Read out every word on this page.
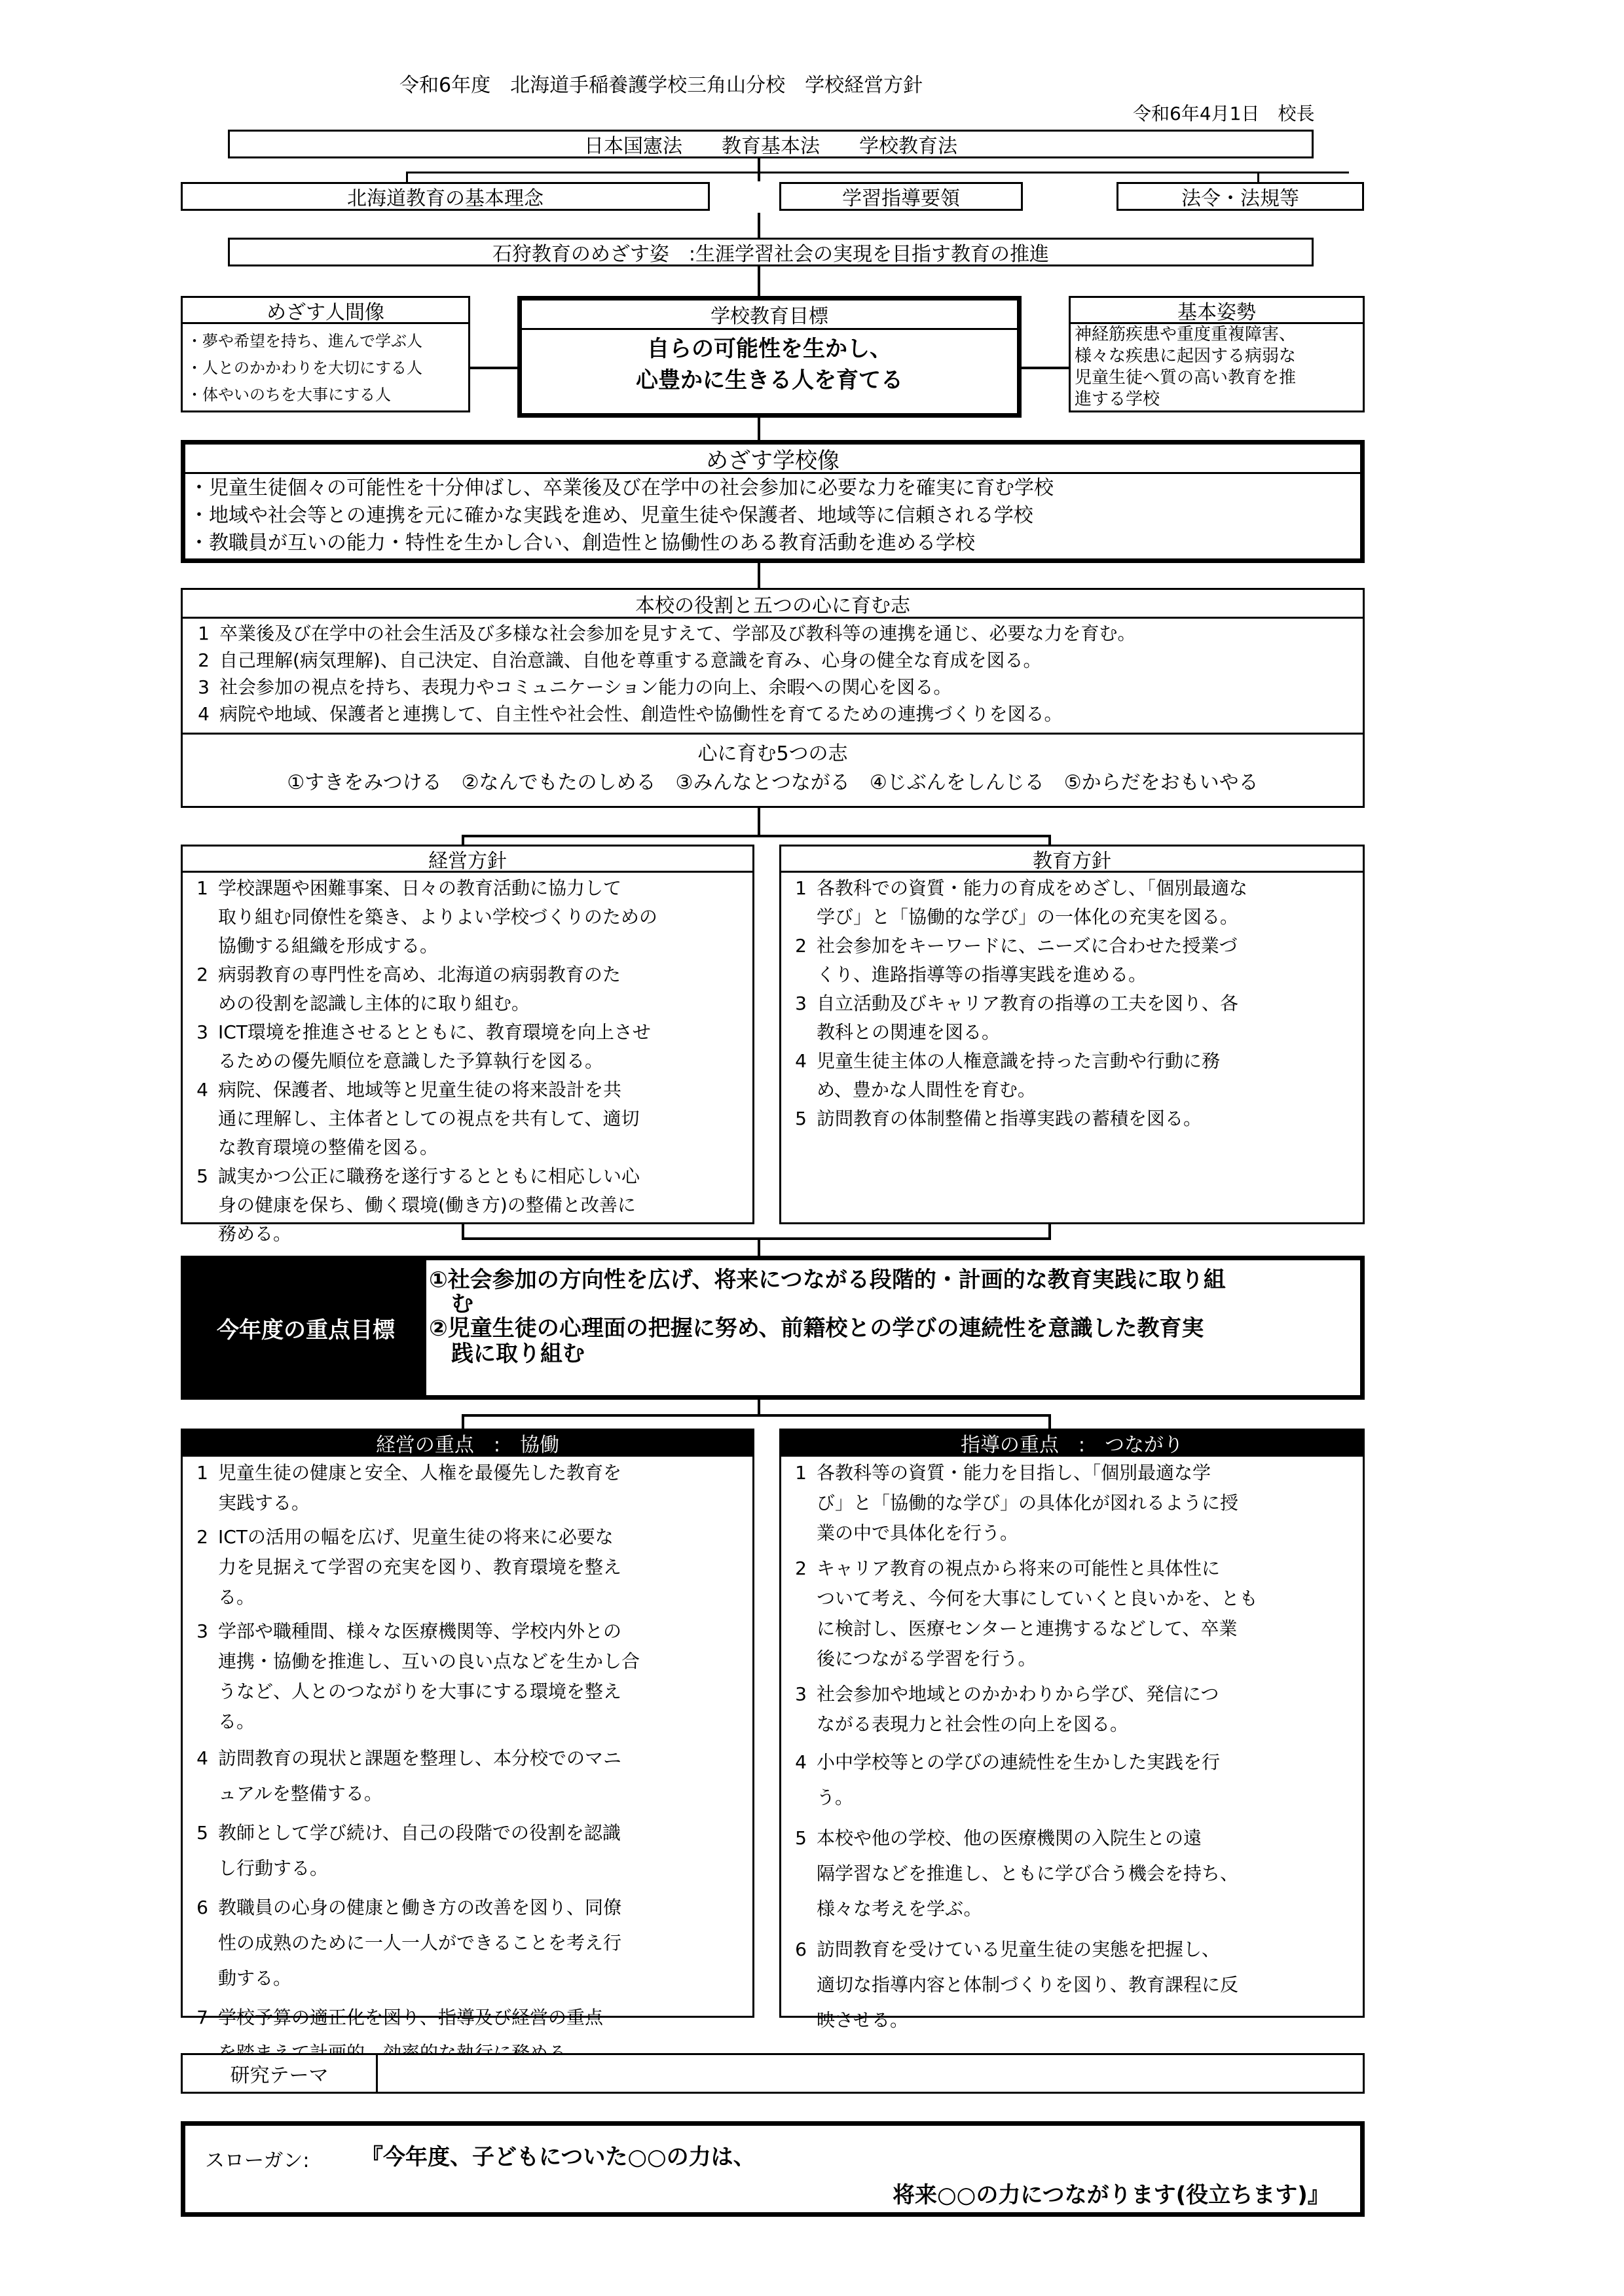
令和6年度　北海道手稲養護学校三角山分校　学校経営方針
令和6年4月1日　校長
日本国憲法　　教育基本法　　学校教育法
北海道教育の基本理念	学習指導要領	法令・法規等
石狩教育のめざす姿　:生涯学習社会の実現を目指す教育の推進
めざす人間像
・夢や希望を持ち、進んで学ぶ人
・人とのかかわりを大切にする人
・体やいのちを大事にする人
学校教育目標
自らの可能性を生かし、
心豊かに生きる人を育てる
基本姿勢
神経筋疾患や重度重複障害、
様々な疾患に起因する病弱な
児童生徒へ質の高い教育を推
進する学校
めざす学校像
・児童生徒個々の可能性を十分伸ばし、卒業後及び在学中の社会参加に必要な力を確実に育む学校
・地域や社会等との連携を元に確かな実践を進め、児童生徒や保護者、地域等に信頼される学校
・教職員が互いの能力・特性を生かし合い、創造性と協働性のある教育活動を進める学校
本校の役割と五つの心に育む志
1 卒業後及び在学中の社会生活及び多様な社会参加を見すえて、学部及び教科等の連携を通じ、必要な力を育む。
2 自己理解(病気理解)、自己決定、自治意識、自他を尊重する意識を育み、心身の健全な育成を図る。
3 社会参加の視点を持ち、表現力やコミュニケーション能力の向上、余暇への関心を図る。
4 病院や地域、保護者と連携して、自主性や社会性、創造性や協働性を育てるための連携づくりを図る。
心に育む5つの志
①すきをみつける　②なんでもたのしめる　③みんなとつながる　④じぶんをしんじる　⑤からだをおもいやる
経営方針
1 学校課題や困難事案、日々の教育活動に協力して
取り組む同僚性を築き、よりよい学校づくりのための
協働する組織を形成する。
2 病弱教育の専門性を高め、北海道の病弱教育のた
めの役割を認識し主体的に取り組む。
3 ICT環境を推進させるとともに、教育環境を向上させ
るための優先順位を意識した予算執行を図る。
4 病院、保護者、地域等と児童生徒の将来設計を共
通に理解し、主体者としての視点を共有して、適切
な教育環境の整備を図る。
5 誠実かつ公正に職務を遂行するとともに相応しい心
身の健康を保ち、働く環境(働き方)の整備と改善に
務める。
教育方針
1 各教科での資質・能力の育成をめざし、「個別最適な
学び」と「協働的な学び」の一体化の充実を図る。
2 社会参加をキーワードに、ニーズに合わせた授業づ
くり、進路指導等の指導実践を進める。
3 自立活動及びキャリア教育の指導の工夫を図り、各
教科との関連を図る。
4 児童生徒主体の人権意識を持った言動や行動に務
め、豊かな人間性を育む。
5 訪問教育の体制整備と指導実践の蓄積を図る。
今年度の重点目標
①社会参加の方向性を広げ、将来につながる段階的・計画的な教育実践に取り組
　む
②児童生徒の心理面の把握に努め、前籍校との学びの連続性を意識した教育実
　践に取り組む
経営の重点　:　協働
1 児童生徒の健康と安全、人権を最優先した教育を
実践する。
2 ICTの活用の幅を広げ、児童生徒の将来に必要な
力を見据えて学習の充実を図り、教育環境を整え
る。
3 学部や職種間、様々な医療機関等、学校内外との
連携・協働を推進し、互いの良い点などを生かし合
うなど、人とのつながりを大事にする環境を整え
る。
4 訪問教育の現状と課題を整理し、本分校でのマニ
ュアルを整備する。
5 教師として学び続け、自己の段階での役割を認識
し行動する。
6 教職員の心身の健康と働き方の改善を図り、同僚
性の成熟のために一人一人ができることを考え行
動する。
7 学校予算の適正化を図り、指導及び経営の重点
指導の重点　:　つながり
1 各教科等の資質・能力を目指し、「個別最適な学
び」と「協働的な学び」の具体化が図れるように授
業の中で具体化を行う。
2 キャリア教育の視点から将来の可能性と具体性に
ついて考え、今何を大事にしていくと良いかを、とも
に検討し、医療センターと連携するなどして、卒業
後につながる学習を行う。
3 社会参加や地域とのかかわりから学び、発信につ
ながる表現力と社会性の向上を図る。
4 小中学校等との学びの連続性を生かした実践を行
う。
5 本校や他の学校、他の医療機関の入院生との遠
隔学習などを推進し、ともに学び合う機会を持ち、
様々な考えを学ぶ。
6 訪問教育を受けている児童生徒の実態を把握し、
適切な指導内容と体制づくりを図り、教育課程に反
映させる。
研究テーマ
スローガン: 『今年度、子どもについた○○の力は、
将来○○の力につながります(役立ちます)』
